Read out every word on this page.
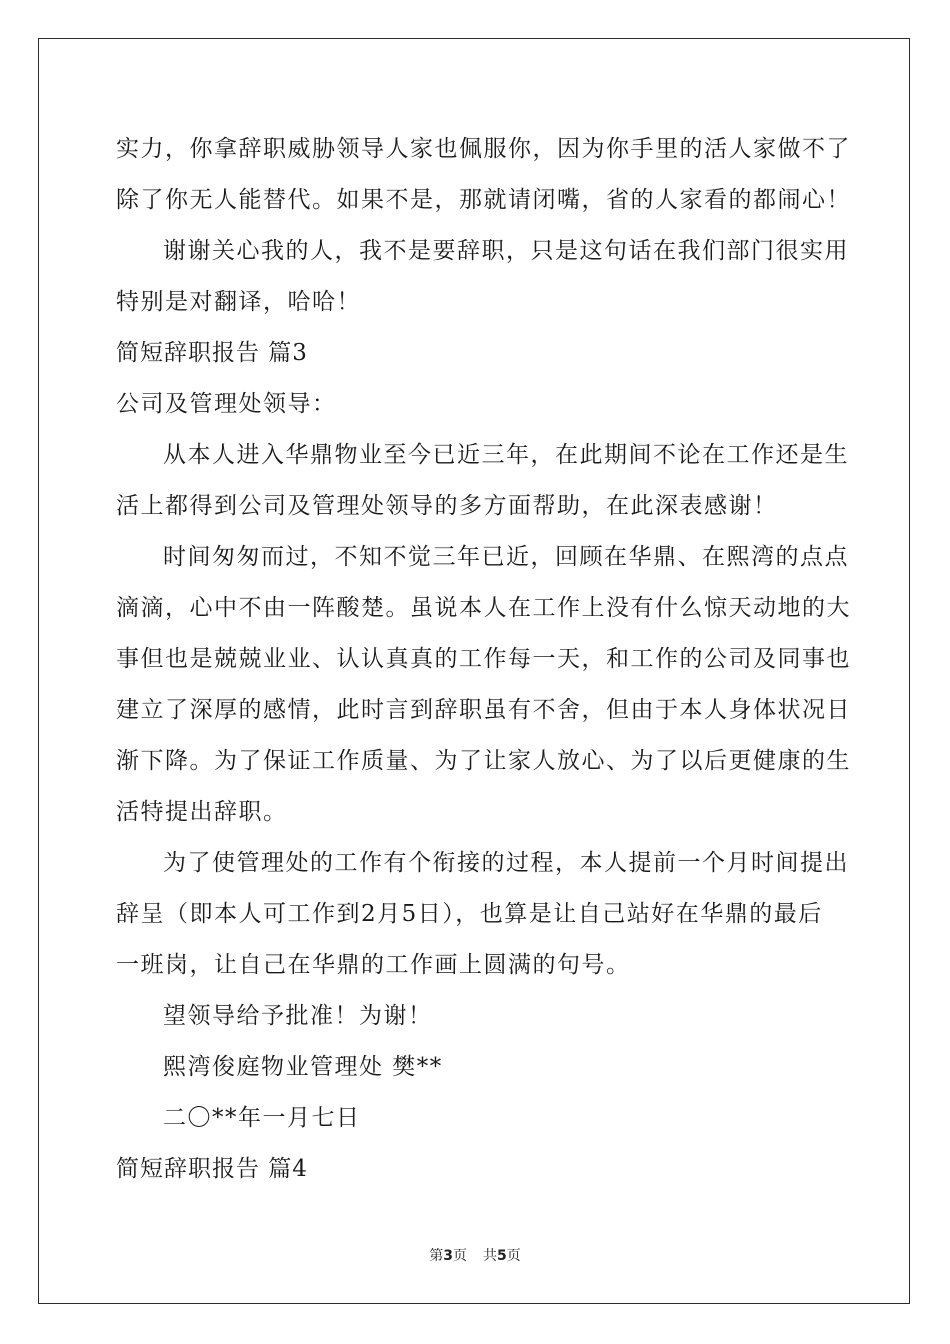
实力，你拿辞职威胁领导人家也佩服你，因为你手里的活人家做不了
除了你无人能替代。如果不是，那就请闭嘴，省的人家看的都闹心！
谢谢关心我的人，我不是要辞职，只是这句话在我们部门很实用
特别是对翻译，哈哈！
简短辞职报告 篇3
公司及管理处领导：
从本人进入华鼎物业至今已近三年，在此期间不论在工作还是生
活上都得到公司及管理处领导的多方面帮助，在此深表感谢！
时间匆匆而过，不知不觉三年已近，回顾在华鼎、在熙湾的点点
滴滴，心中不由一阵酸楚。虽说本人在工作上没有什么惊天动地的大
事但也是兢兢业业、认认真真的工作每一天，和工作的公司及同事也
建立了深厚的感情，此时言到辞职虽有不舍，但由于本人身体状况日
渐下降。为了保证工作质量、为了让家人放心、为了以后更健康的生
活特提出辞职。
为了使管理处的工作有个衔接的过程，本人提前一个月时间提出
辞呈（即本人可工作到2月5日），也算是让自己站好在华鼎的最后
一班岗，让自己在华鼎的工作画上圆满的句号。
望领导给予批准！为谢！
熙湾俊庭物业管理处 樊**
二〇**年一月七日
简短辞职报告 篇4
第3页 共5页
